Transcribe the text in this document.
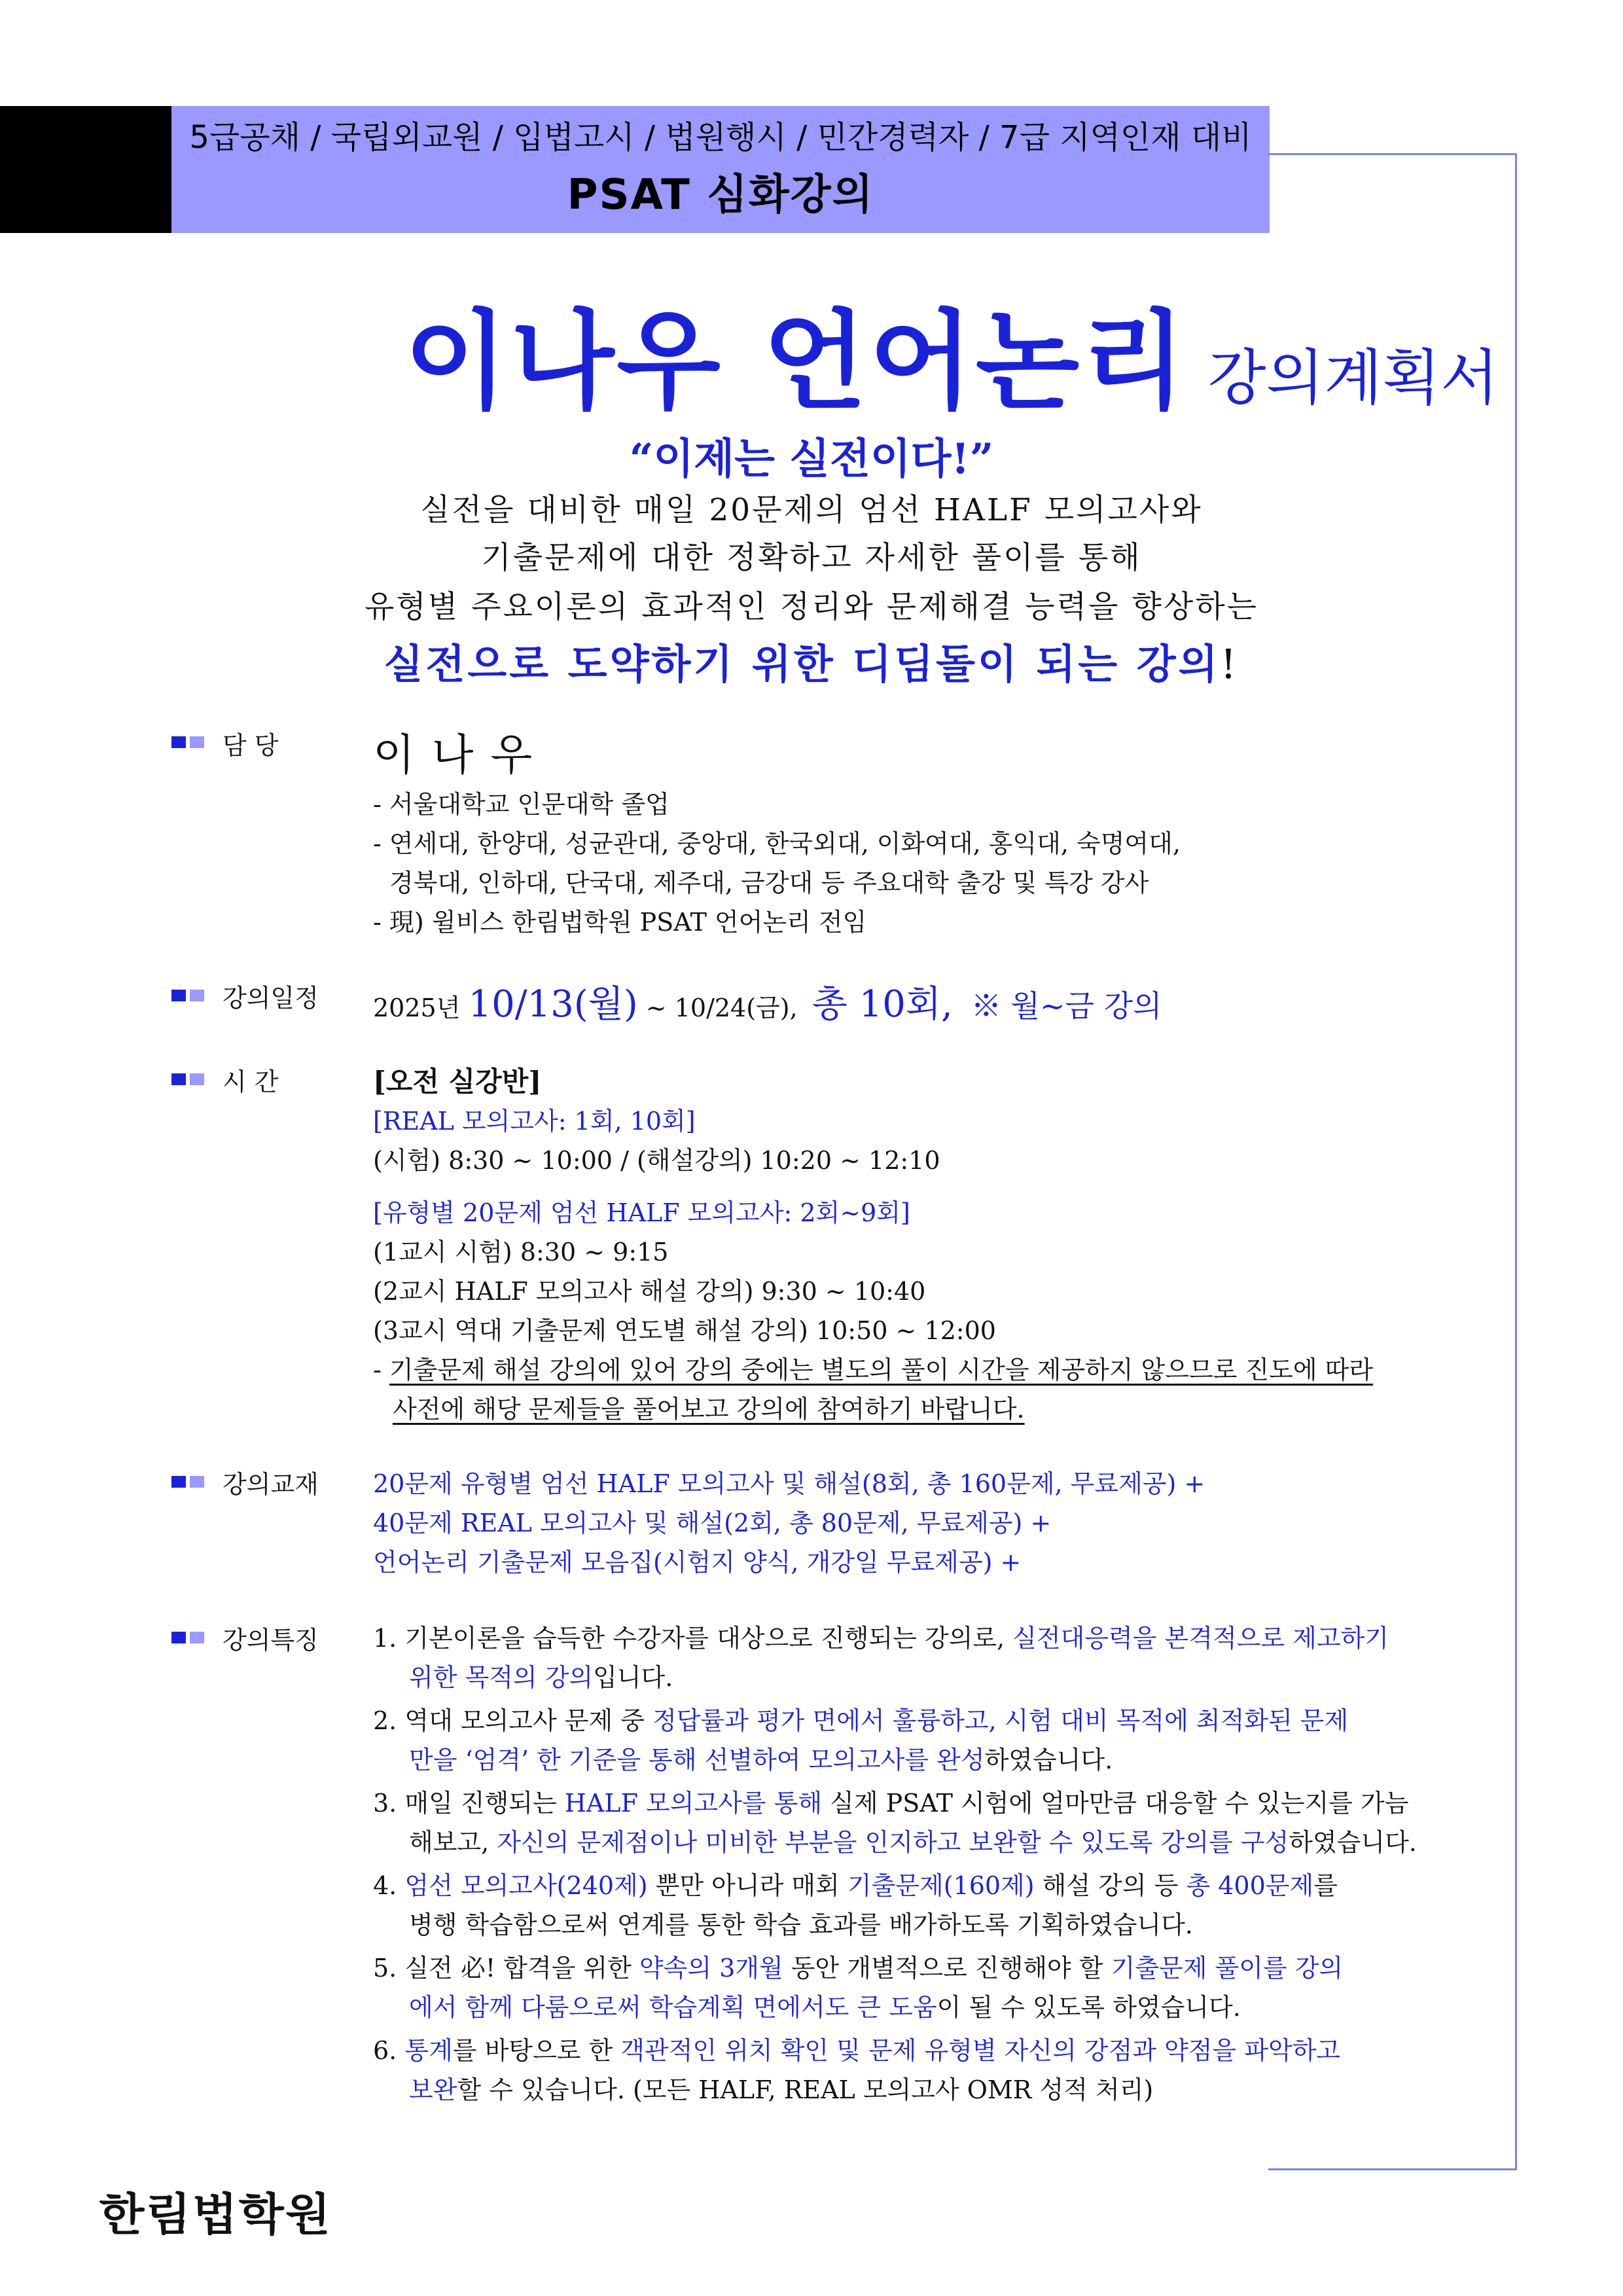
5급공채 / 국립외교원 / 입법고시 / 법원행시 / 민간경력자 / 7급 지역인재 대비
PSAT 심화강의
이나우 언어논리 강의계획서
“이제는 실전이다!”
실전을 대비한 매일 20문제의 엄선 HALF 모의고사와
기출문제에 대한 정확하고 자세한 풀이를 통해
유형별 주요이론의 효과적인 정리와 문제해결 능력을 향상하는
실전으로 도약하기 위한 디딤돌이 되는 강의!
담 당 이나우
- 서울대학교 인문대학 졸업
- 연세대, 한양대, 성균관대, 중앙대, 한국외대, 이화여대, 홍익대, 숙명여대,
경북대, 인하대, 단국대, 제주대, 금강대 등 주요대학 출강 및 특강 강사
- 現) 윌비스 한림법학원 PSAT 언어논리 전임
강의일정 2025년 10/13(월) ~ 10/24(금), 총 10회, ※ 월~금 강의
시 간	[오전 실강반]
[REAL 모의고사: 1회, 10회]
(시험) 8:30 ~ 10:00 / (해설강의) 10:20 ~ 12:10
[유형별 20문제 엄선 HALF 모의고사: 2회~9회]
(1교시 시험) 8:30 ~ 9:15
(2교시 HALF 모의고사 해설 강의) 9:30 ~ 10:40
(3교시 역대 기출문제 연도별 해설 강의) 10:50 ~ 12:00
- 기출문제 해설 강의에 있어 강의 중에는 별도의 풀이 시간을 제공하지 않으므로 진도에 따라
사전에 해당 문제들을 풀어보고 강의에 참여하기 바랍니다.
강의교재 20문제 유형별 엄선 HALF 모의고사 및 해설(8회, 총 160문제, 무료제공) +
40문제 REAL 모의고사 및 해설(2회, 총 80문제, 무료제공) +
언어논리 기출문제 모음집(시험지 양식, 개강일 무료제공) +
강의특징 1. 기본이론을 습득한 수강자를 대상으로 진행되는 강의로, 실전대응력을 본격적으로 제고하기
위한 목적의 강의입니다.
2. 역대 모의고사 문제 중 정답률과 평가 면에서 훌륭하고, 시험 대비 목적에 최적화된 문제
만을 ‘엄격’ 한 기준을 통해 선별하여 모의고사를 완성하였습니다.
3. 매일 진행되는 HALF 모의고사를 통해 실제 PSAT 시험에 얼마만큼 대응할 수 있는지를 가늠
해보고, 자신의 문제점이나 미비한 부분을 인지하고 보완할 수 있도록 강의를 구성하였습니다.
4. 엄선 모의고사(240제) 뿐만 아니라 매회 기출문제(160제) 해설 강의 등 총 400문제를
병행 학습함으로써 연계를 통한 학습 효과를 배가하도록 기획하였습니다.
5. 실전 必! 합격을 위한 약속의 3개월 동안 개별적으로 진행해야 할 기출문제 풀이를 강의
에서 함께 다룸으로써 학습계획 면에서도 큰 도움이 될 수 있도록 하였습니다.
6. 통계를 바탕으로 한 객관적인 위치 확인 및 문제 유형별 자신의 강점과 약점을 파악하고
보완할 수 있습니다. (모든 HALF, REAL 모의고사 OMR 성적 처리)
한림법학원
